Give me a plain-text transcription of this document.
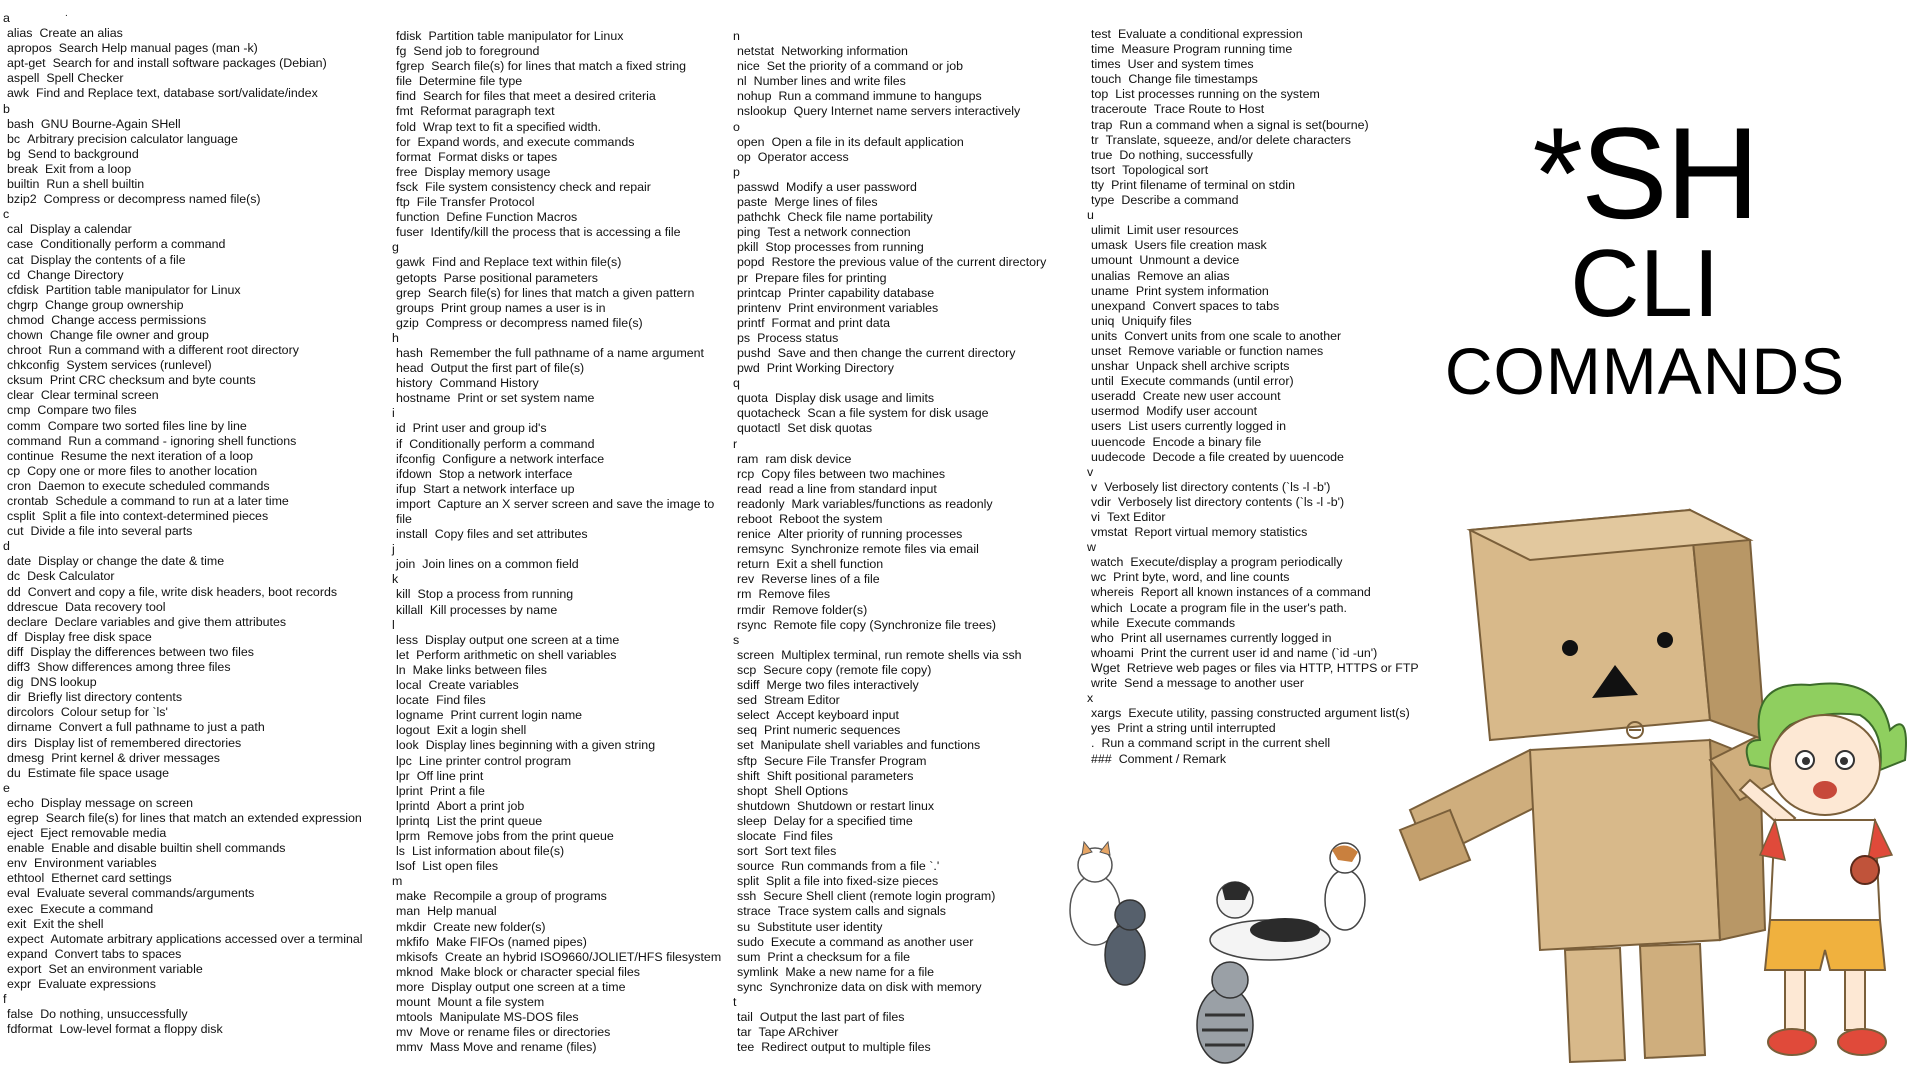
.
a
alias Create an alias
apropos Search Help manual pages (man -k)
apt-get Search for and install software packages (Debian)
aspell Spell Checker
awk Find and Replace text, database sort/validate/index
b
bash GNU Bourne-Again SHell
bc Arbitrary precision calculator language
bg Send to background
break Exit from a loop
builtin Run a shell builtin
bzip2 Compress or decompress named file(s)
c
cal Display a calendar
case Conditionally perform a command
cat Display the contents of a file
cd Change Directory
cfdisk Partition table manipulator for Linux
chgrp Change group ownership
chmod Change access permissions
chown Change file owner and group
chroot Run a command with a different root directory
chkconfig System services (runlevel)
cksum Print CRC checksum and byte counts
clear Clear terminal screen
cmp Compare two files
comm Compare two sorted files line by line
command Run a command - ignoring shell functions
continue Resume the next iteration of a loop
cp Copy one or more files to another location
cron Daemon to execute scheduled commands
crontab Schedule a command to run at a later time
csplit Split a file into context-determined pieces
cut Divide a file into several parts
d
date Display or change the date & time
dc Desk Calculator
dd Convert and copy a file, write disk headers, boot records
ddrescue Data recovery tool
declare Declare variables and give them attributes
df Display free disk space
diff Display the differences between two files
diff3 Show differences among three files
dig DNS lookup
dir Briefly list directory contents
dircolors Colour setup for `ls'
dirname Convert a full pathname to just a path
dirs Display list of remembered directories
dmesg Print kernel & driver messages
du Estimate file space usage
e
echo Display message on screen
egrep Search file(s) for lines that match an extended expression
eject Eject removable media
enable Enable and disable builtin shell commands
env Environment variables
ethtool Ethernet card settings
eval Evaluate several commands/arguments
exec Execute a command
exit Exit the shell
expect Automate arbitrary applications accessed over a terminal
expand Convert tabs to spaces
export Set an environment variable
expr Evaluate expressions
f
false Do nothing, unsuccessfully
fdformat Low-level format a floppy disk
fdisk Partition table manipulator for Linux
fg Send job to foreground
fgrep Search file(s) for lines that match a fixed string
file Determine file type
find Search for files that meet a desired criteria
fmt Reformat paragraph text
fold Wrap text to fit a specified width.
for Expand words, and execute commands
format Format disks or tapes
free Display memory usage
fsck File system consistency check and repair
ftp File Transfer Protocol
function Define Function Macros
fuser Identify/kill the process that is accessing a file
g
gawk Find and Replace text within file(s)
getopts Parse positional parameters
grep Search file(s) for lines that match a given pattern
groups Print group names a user is in
gzip Compress or decompress named file(s)
h
hash Remember the full pathname of a name argument
head Output the first part of file(s)
history Command History
hostname Print or set system name
i
id Print user and group id's
if Conditionally perform a command
ifconfig Configure a network interface
ifdown Stop a network interface
ifup Start a network interface up
import Capture an X server screen and save the image to
file
install Copy files and set attributes
j
join Join lines on a common field
k
kill Stop a process from running
killall Kill processes by name
l
less Display output one screen at a time
let Perform arithmetic on shell variables
ln Make links between files
local Create variables
locate Find files
logname Print current login name
logout Exit a login shell
look Display lines beginning with a given string
lpc Line printer control program
lpr Off line print
lprint Print a file
lprintd Abort a print job
lprintq List the print queue
lprm Remove jobs from the print queue
ls List information about file(s)
lsof List open files
m
make Recompile a group of programs
man Help manual
mkdir Create new folder(s)
mkfifo Make FIFOs (named pipes)
mkisofs Create an hybrid ISO9660/JOLIET/HFS filesystem
mknod Make block or character special files
more Display output one screen at a time
mount Mount a file system
mtools Manipulate MS-DOS files
mv Move or rename files or directories
mmv Mass Move and rename (files)
n
netstat Networking information
nice Set the priority of a command or job
nl Number lines and write files
nohup Run a command immune to hangups
nslookup Query Internet name servers interactively
o
open Open a file in its default application
op Operator access
p
passwd Modify a user password
paste Merge lines of files
pathchk Check file name portability
ping Test a network connection
pkill Stop processes from running
popd Restore the previous value of the current directory
pr Prepare files for printing
printcap Printer capability database
printenv Print environment variables
printf Format and print data
ps Process status
pushd Save and then change the current directory
pwd Print Working Directory
q
quota Display disk usage and limits
quotacheck Scan a file system for disk usage
quotactl Set disk quotas
r
ram ram disk device
rcp Copy files between two machines
read read a line from standard input
readonly Mark variables/functions as readonly
reboot Reboot the system
renice Alter priority of running processes
remsync Synchronize remote files via email
return Exit a shell function
rev Reverse lines of a file
rm Remove files
rmdir Remove folder(s)
rsync Remote file copy (Synchronize file trees)
s
screen Multiplex terminal, run remote shells via ssh
scp Secure copy (remote file copy)
sdiff Merge two files interactively
sed Stream Editor
select Accept keyboard input
seq Print numeric sequences
set Manipulate shell variables and functions
sftp Secure File Transfer Program
shift Shift positional parameters
shopt Shell Options
shutdown Shutdown or restart linux
sleep Delay for a specified time
slocate Find files
sort Sort text files
source Run commands from a file `.'
split Split a file into fixed-size pieces
ssh Secure Shell client (remote login program)
strace Trace system calls and signals
su Substitute user identity
sudo Execute a command as another user
sum Print a checksum for a file
symlink Make a new name for a file
sync Synchronize data on disk with memory
t
tail Output the last part of files
tar Tape ARchiver
tee Redirect output to multiple files
test Evaluate a conditional expression
time Measure Program running time
times User and system times
touch Change file timestamps
top List processes running on the system
traceroute Trace Route to Host
trap Run a command when a signal is set(bourne)
tr Translate, squeeze, and/or delete characters
true Do nothing, successfully
tsort Topological sort
tty Print filename of terminal on stdin
type Describe a command
u
ulimit Limit user resources
umask Users file creation mask
umount Unmount a device
unalias Remove an alias
uname Print system information
unexpand Convert spaces to tabs
uniq Uniquify files
units Convert units from one scale to another
unset Remove variable or function names
unshar Unpack shell archive scripts
until Execute commands (until error)
useradd Create new user account
usermod Modify user account
users List users currently logged in
uuencode Encode a binary file
uudecode Decode a file created by uuencode
v
v Verbosely list directory contents (`ls -l -b')
vdir Verbosely list directory contents (`ls -l -b')
vi Text Editor
vmstat Report virtual memory statistics
w
watch Execute/display a program periodically
wc Print byte, word, and line counts
whereis Report all known instances of a command
which Locate a program file in the user's path.
while Execute commands
who Print all usernames currently logged in
whoami Print the current user id and name (`id -un')
Wget Retrieve web pages or files via HTTP, HTTPS or FTP
write Send a message to another user
x
xargs Execute utility, passing constructed argument list(s)
yes Print a string until interrupted
. Run a command script in the current shell
### Comment / Remark
*SH
CLI
COMMANDS
